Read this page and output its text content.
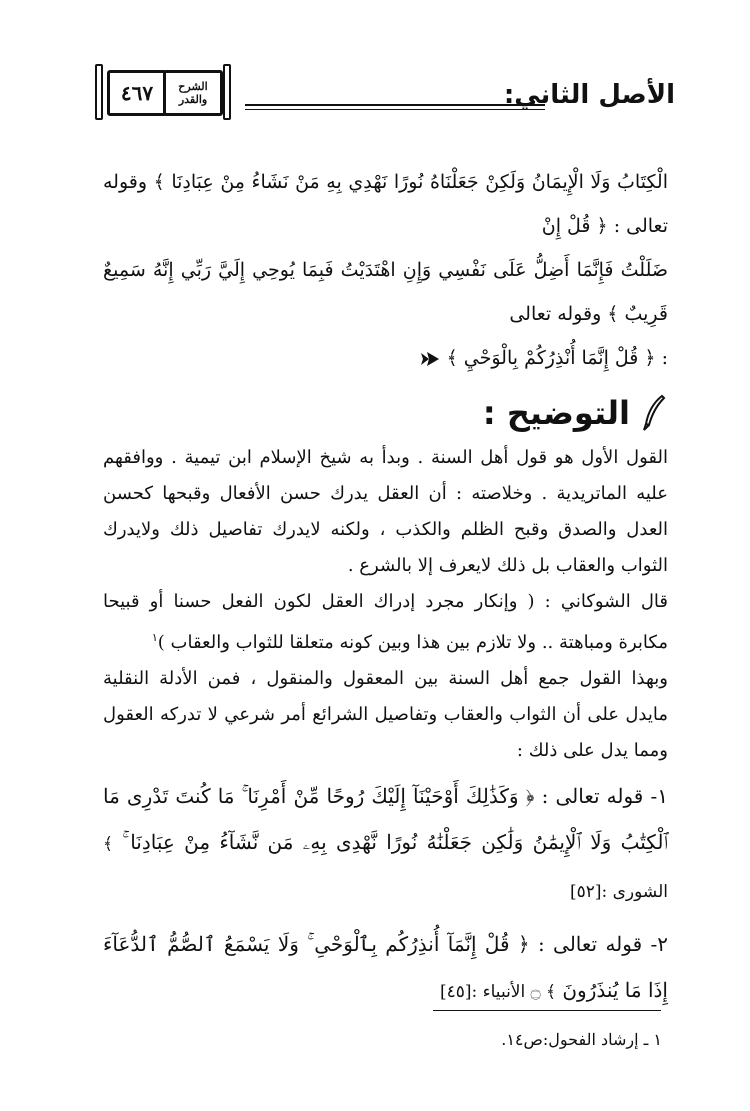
٤٦٧	الشرح
والقدر	الأصل الثاني:
الْكِتَابُ وَلَا الْإِيمَانُ وَلَكِنْ جَعَلْنَاهُ نُورًا نَهْدِي بِهِ مَنْ نَشَاءُ مِنْ عِبَادِنَا ﴾ وقوله تعالى : ﴿ قُلْ إِنْ
ضَلَلْتُ فَإِنَّمَا أَضِلُّ عَلَى نَفْسِي وَإِنِ اهْتَدَيْتُ فَبِمَا يُوحِي إِلَيَّ رَبِّي إِنَّهُ سَمِيعٌ قَرِيبٌ ﴾ وقوله تعالى
: ﴿ قُلْ إِنَّمَا أُنْذِرُكُمْ بِالْوَحْيِ ﴾
التوضيح :

القول الأول هو قول أهل السنة . وبدأ به شيخ الإسلام ابن تيمية . ووافقهم عليه الماتريدية . وخلاصته : أن العقل يدرك حسن الأفعال وقبحها كحسن العدل والصدق وقبح الظلم والكذب ، ولكنه لايدرك تفاصيل ذلك ولايدرك الثواب والعقاب بل ذلك لايعرف إلا بالشرع .

قال الشوكاني : ( وإنكار مجرد إدراك العقل لكون الفعل حسنا أو قبيحا مكابرة ومباهتة .. ولا تلازم بين هذا وبين كونه متعلقا للثواب والعقاب )$^١$

وبهذا القول جمع أهل السنة بين المعقول والمنقول ، فمن الأدلة النقلية مايدل على أن الثواب والعقاب وتفاصيل الشرائع أمر شرعي لا تدركه العقول ومما يدل على ذلك :

١- قوله تعالى : ﴿ وَكَذَٰلِكَ أَوْحَيْنَآ إِلَيْكَ رُوحًا مِّنْ أَمْرِنَا ۚ مَا كُنتَ تَدْرِى مَا ٱلْكِتَٰبُ وَلَا ٱلْإِيمَٰنُ وَلَٰكِن جَعَلْنَٰهُ نُورًا نَّهْدِى بِهِۦ مَن نَّشَآءُ مِنْ عِبَادِنَا ۚ ﴾ الشورى :[٥٢]
٢- قوله تعالى : ﴿ قُلْ إِنَّمَآ أُنذِرُكُم بِٱلْوَحْىِ ۚ وَلَا يَسْمَعُ ٱلصُّمُّ ٱلدُّعَآءَ إِذَا مَا يُنذَرُونَ ﴾ ۝ الأنبياء :[٤٥]
١ ـ إرشاد الفحول:ص١٤.
